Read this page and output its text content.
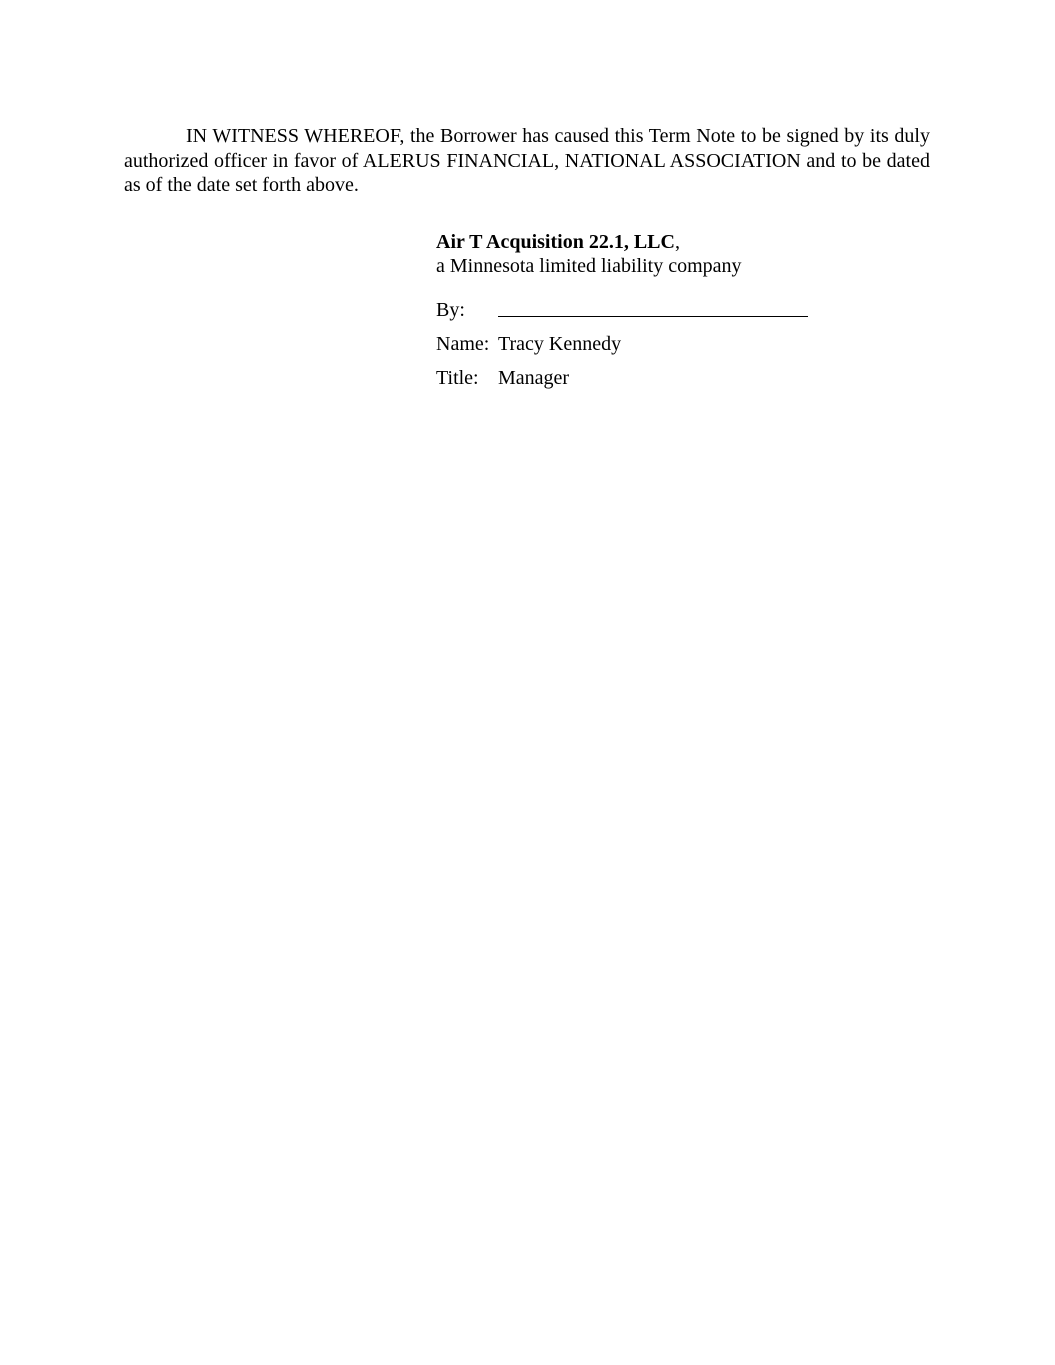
IN WITNESS WHEREOF, the Borrower has caused this Term Note to be signed by its duly authorized officer in favor of ALERUS FINANCIAL, NATIONAL ASSOCIATION and to be dated as of the date set forth above.

Air T Acquisition 22.1, LLC,

a Minnesota limited liability company

By:
Name: Tracy Kennedy
Title: Manager
